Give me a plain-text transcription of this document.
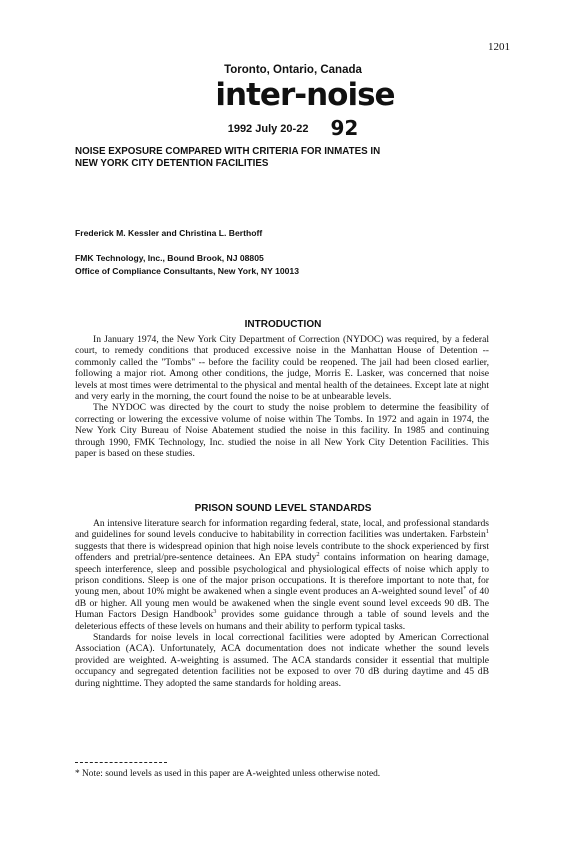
1201
Toronto, Ontario, Canada
inter-noise
1992 July 20-22 92
NOISE EXPOSURE COMPARED WITH CRITERIA FOR INMATES IN
NEW YORK CITY DETENTION FACILITIES
Frederick M. Kessler and Christina L. Berthoff
FMK Technology, Inc., Bound Brook, NJ 08805
Office of Compliance Consultants, New York, NY 10013
INTRODUCTION

In January 1974, the New York City Department of Correction (NYDOC) was required, by a federal court, to remedy conditions that produced excessive noise in the Manhattan House of Detention -- commonly called the "Tombs" -- before the facility could be reopened. The jail had been closed earlier, following a major riot. Among other conditions, the judge, Morris E. Lasker, was concerned that noise levels at most times were detrimental to the physical and mental health of the detainees. Except late at night and very early in the morning, the court found the noise to be at unbearable levels.

The NYDOC was directed by the court to study the noise problem to determine the feasibility of correcting or lowering the excessive volume of noise within The Tombs. In 1972 and again in 1974, the New York City Bureau of Noise Abatement studied the noise in this facility. In 1985 and continuing through 1990, FMK Technology, Inc. studied the noise in all New York City Detention Facilities. This paper is based on these studies.

PRISON SOUND LEVEL STANDARDS

An intensive literature search for information regarding federal, state, local, and professional standards and guidelines for sound levels conducive to habitability in correction facilities was undertaken. Farbstein$^1$ suggests that there is widespread opinion that high noise levels contribute to the shock experienced by first offenders and pretrial/pre-sentence detainees. An EPA study$^2$ contains information on hearing damage, speech interference, sleep and possible psychological and physiological effects of noise which apply to prison conditions. Sleep is one of the major prison occupations. It is therefore important to note that, for young men, about 10% might be awakened when a single event produces an A-weighted sound level* of 40 dB or higher. All young men would be awakened when the single event sound level exceeds 90 dB. The Human Factors Design Handbook$^3$ provides some guidance through a table of sound levels and the deleterious effects of these levels on humans and their ability to perform typical tasks.

Standards for noise levels in local correctional facilities were adopted by American Correctional Association (ACA). Unfortunately, ACA documentation does not indicate whether the sound levels provided are weighted. A-weighting is assumed. The ACA standards consider it essential that multiple occupancy and segregated detention facilities not be exposed to over 70 dB during daytime and 45 dB during nighttime. They adopted the same standards for holding areas.

* Note: sound levels as used in this paper are A-weighted unless otherwise noted.
